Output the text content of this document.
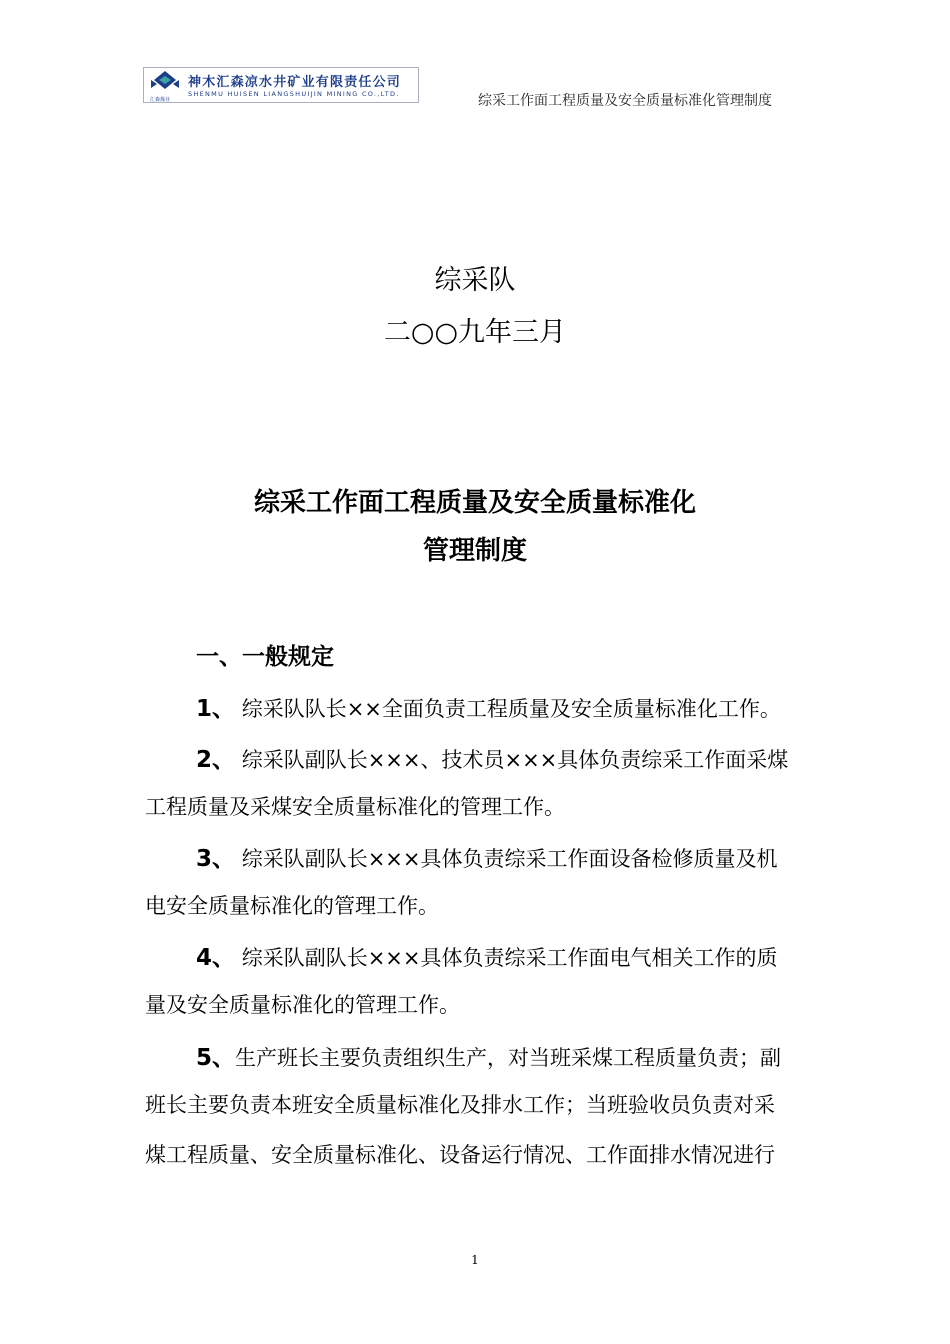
汇森煤业
神木汇森凉水井矿业有限责任公司
SHENMU HUISEN LIANGSHUIJIN MINING CO.,LTD.	综采工作面工程质量及安全质量标准化管理制度
综采队
二○○九年三月
综采工作面工程质量及安全质量标准化
管理制度
一、一般规定
1、 综采队队长××全面负责工程质量及安全质量标准化工作。
2、 综采队副队长×××、技术员×××具体负责综采工作面采煤
工程质量及采煤安全质量标准化的管理工作。
3、 综采队副队长×××具体负责综采工作面设备检修质量及机
电安全质量标准化的管理工作。
4、 综采队副队长×××具体负责综采工作面电气相关工作的质
量及安全质量标准化的管理工作。
5、生产班长主要负责组织生产，对当班采煤工程质量负责；副
班长主要负责本班安全质量标准化及排水工作；当班验收员负责对采
煤工程质量、安全质量标准化、设备运行情况、工作面排水情况进行
1
